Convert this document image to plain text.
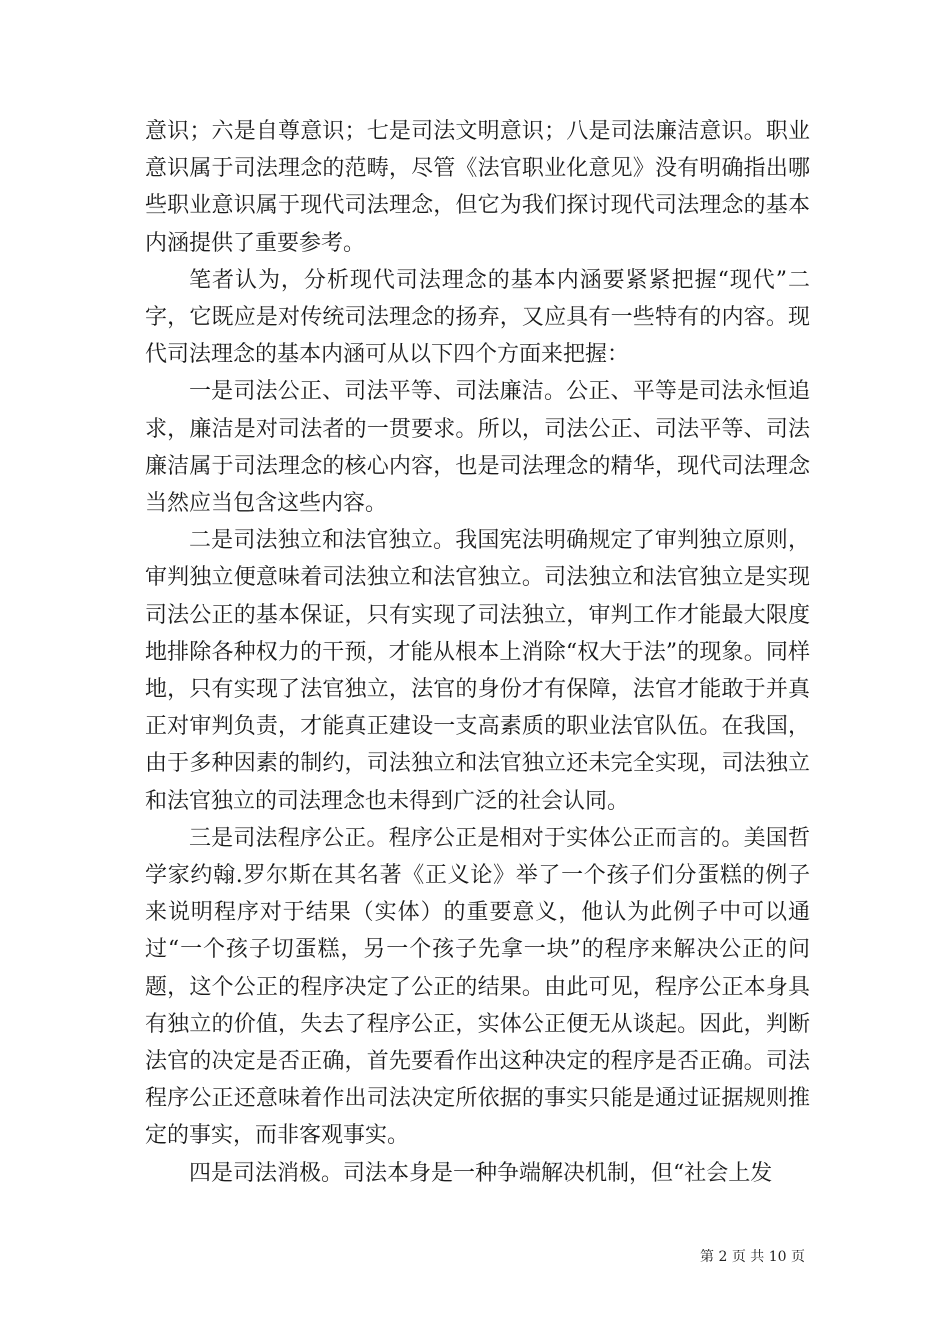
意识；六是自尊意识；七是司法文明意识；八是司法廉洁意识。职业意识属于司法理念的范畴，尽管《法官职业化意见》没有明确指出哪些职业意识属于现代司法理念，但它为我们探讨现代司法理念的基本内涵提供了重要参考。

笔者认为，分析现代司法理念的基本内涵要紧紧把握“现代”二字，它既应是对传统司法理念的扬弃，又应具有一些特有的内容。现代司法理念的基本内涵可从以下四个方面来把握：

一是司法公正、司法平等、司法廉洁。公正、平等是司法永恒追求，廉洁是对司法者的一贯要求。所以，司法公正、司法平等、司法廉洁属于司法理念的核心内容，也是司法理念的精华，现代司法理念当然应当包含这些内容。

二是司法独立和法官独立。我国宪法明确规定了审判独立原则，审判独立便意味着司法独立和法官独立。司法独立和法官独立是实现司法公正的基本保证，只有实现了司法独立，审判工作才能最大限度地排除各种权力的干预，才能从根本上消除“权大于法”的现象。同样地，只有实现了法官独立，法官的身份才有保障，法官才能敢于并真正对审判负责，才能真正建设一支高素质的职业法官队伍。在我国，由于多种因素的制约，司法独立和法官独立还未完全实现，司法独立和法官独立的司法理念也未得到广泛的社会认同。

三是司法程序公正。程序公正是相对于实体公正而言的。美国哲学家约翰.罗尔斯在其名著《正义论》举了一个孩子们分蛋糕的例子来说明程序对于结果（实体）的重要意义，他认为此例子中可以通过“一个孩子切蛋糕，另一个孩子先拿一块”的程序来解决公正的问题，这个公正的程序决定了公正的结果。由此可见，程序公正本身具有独立的价值，失去了程序公正，实体公正便无从谈起。因此，判断法官的决定是否正确，首先要看作出这种决定的程序是否正确。司法程序公正还意味着作出司法决定所依据的事实只能是通过证据规则推定的事实，而非客观事实。

四是司法消极。司法本身是一种争端解决机制，但“社会上发

第 2 页 共 10 页
